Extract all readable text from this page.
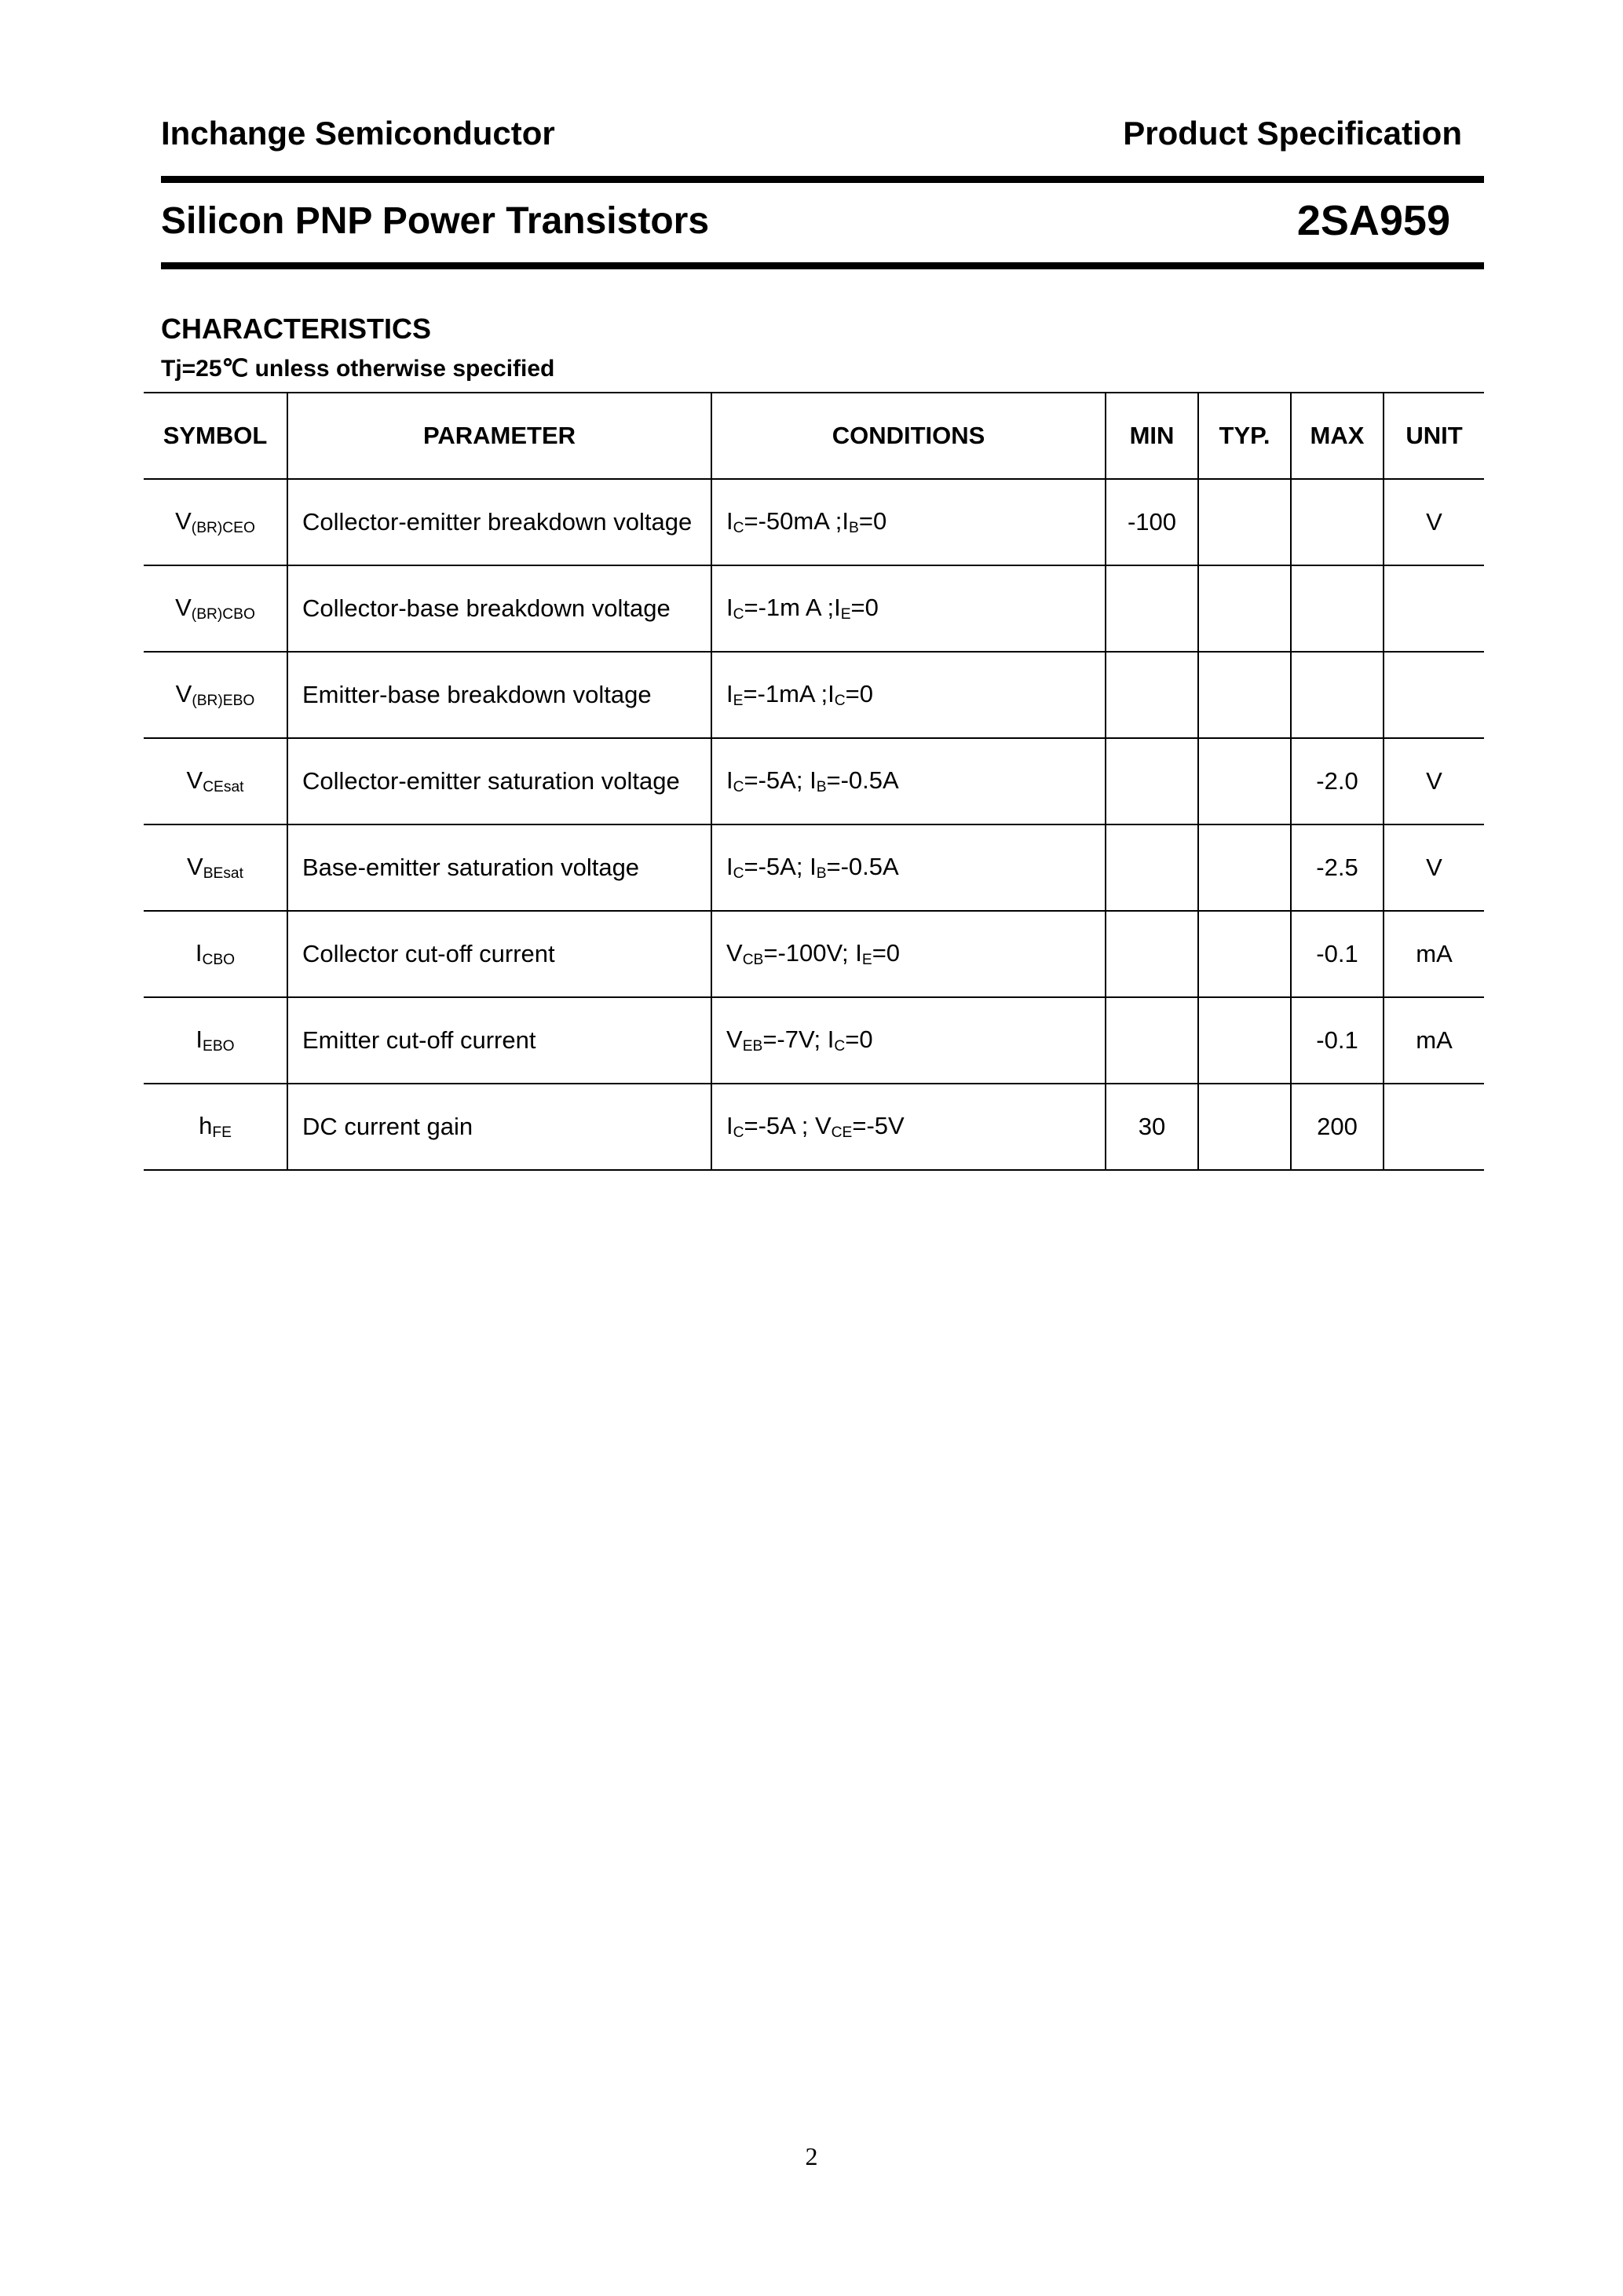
Inchange Semiconductor	Product Specification
Silicon PNP Power Transistors	2SA959
CHARACTERISTICS
Tj=25℃ unless otherwise specified
SYMBOL	PARAMETER	CONDITIONS	MIN	TYP.	MAX	UNIT
$V_{(BR)CEO}$	Collector-emitter breakdown voltage	$I_C=-50mA$ $;I_B=0$	-100			V
$V_{(BR)CBO}$	Collector-base breakdown voltage	$I_C=-1m$ A $;I_E=0$				
$V_{(BR)EBO}$	Emitter-base breakdown voltage	$I_E=-1mA$ $;I_C=0$				
$V_{CEsat}$	Collector-emitter saturation voltage	$I_C=-5A$; $I_B=-0.5A$			-2.0	V
$V_{BEsat}$	Base-emitter saturation voltage	$I_C=-5A$; $I_B=-0.5A$			-2.5	V
$I_{CBO}$	Collector cut-off current	$V_{CB}=-100V$; $I_E=0$			-0.1	mA
$I_{EBO}$	Emitter cut-off current	$V_{EB}=-7V$; $I_C=0$			-0.1	mA
$h_{FE}$	DC current gain	$I_C=-5A$ ; $V_{CE}=-5V$	30		200	
2
